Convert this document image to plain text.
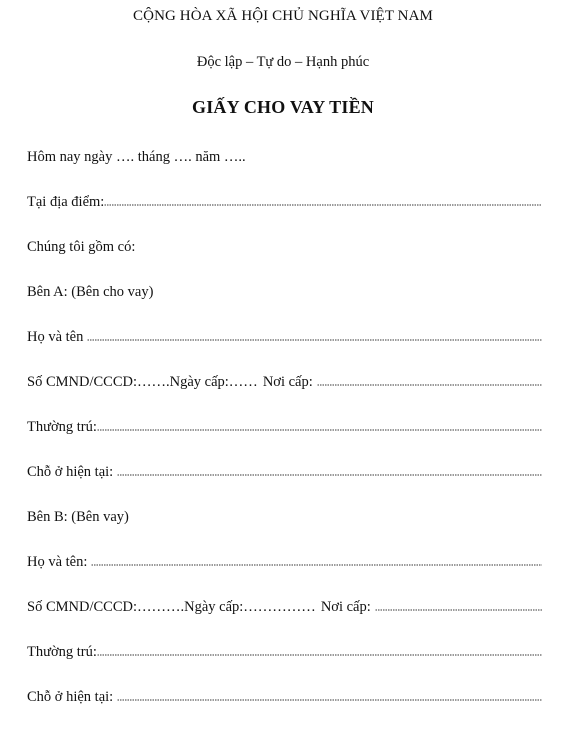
CỘNG HÒA XÃ HỘI CHỦ NGHĨA VIỆT NAM
Độc lập – Tự do – Hạnh phúc
GIẤY CHO VAY TIỀN
Hôm nay ngày …. tháng …. năm …..
Tại địa điểm:
Chúng tôi gồm có:
Bên A: (Bên cho vay)
Họ và tên
Số CMND/CCCD:……. Ngày cấp:…… Nơi cấp:
Thường trú:
Chỗ ở hiện tại:
Bên B: (Bên vay)
Họ và tên:
Số CMND/CCCD:………. Ngày cấp:…………… Nơi cấp:
Thường trú:
Chỗ ở hiện tại:
